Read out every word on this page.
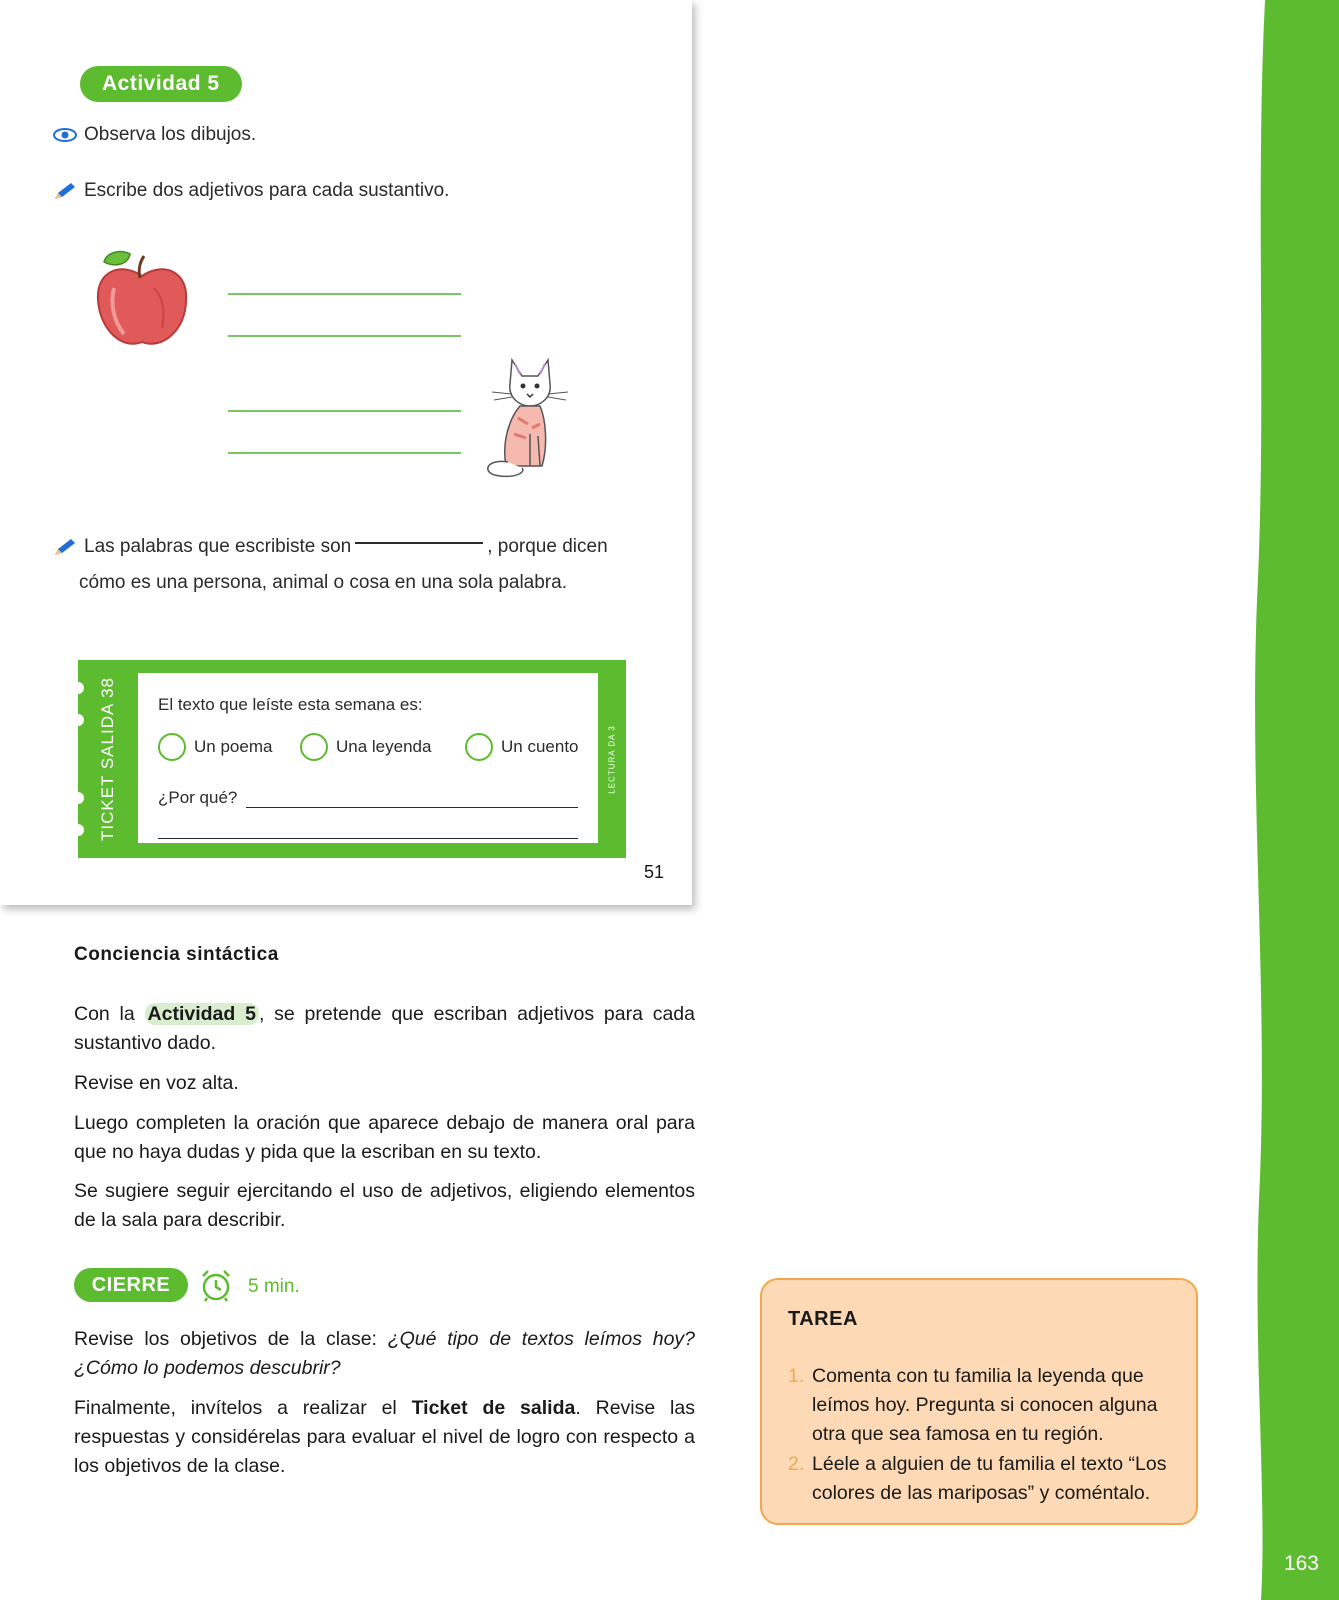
163
Actividad 5
Observa los dibujos.
Escribe dos adjetivos para cada sustantivo.
Las palabras que escribiste son	, porque dicen
cómo es una persona, animal o cosa en una sola palabra.
TICKET SALIDA 38	LECTURA DA 3
El texto que leíste esta semana es:
Un poema	Una leyenda	Un cuento
¿Por qué?
51
Conciencia sintáctica
Con la Actividad 5 , se pretende que escriban adjetivos para cada sustantivo dado.
Revise en voz alta.
Luego completen la oración que aparece debajo de manera oral para que no haya dudas y pida que la escriban en su texto.
Se sugiere seguir ejercitando el uso de adjetivos, eligiendo elementos de la sala para describir.
CIERRE	5 min.
Revise los objetivos de la clase: ¿Qué tipo de textos leímos hoy? ¿Cómo lo podemos descubrir?
Finalmente, invítelos a realizar el Ticket de salida. Revise las respuestas y considérelas para evaluar el nivel de logro con respecto a los objetivos de la clase.
TAREA
1. Comenta con tu familia la leyenda que leímos hoy. Pregunta si conocen alguna otra que sea famosa en tu región.
2. Léele a alguien de tu familia el texto “Los colores de las mariposas” y coméntalo.
